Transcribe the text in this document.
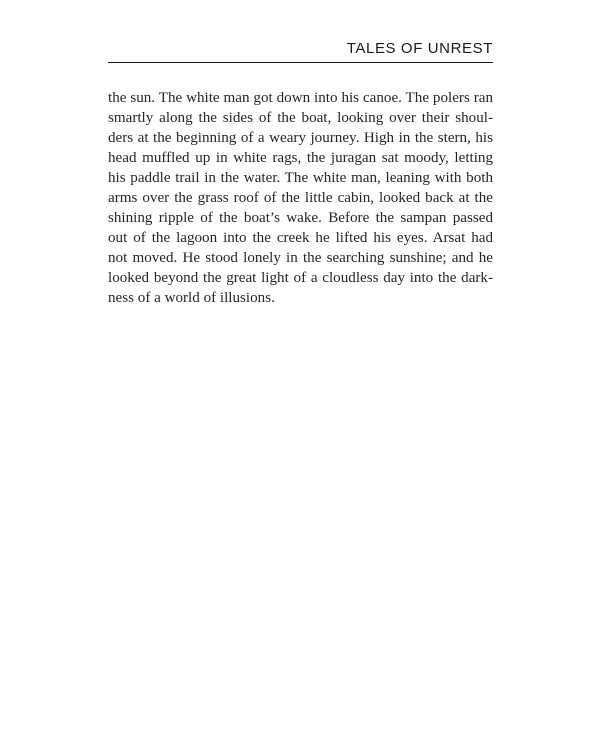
TALES OF UNREST
the sun. The white man got down into his canoe. The polers ran
smartly along the sides of the boat, looking over their shoul-
ders at the beginning of a weary journey. High in the stern, his
head muffled up in white rags, the juragan sat moody, letting
his paddle trail in the water. The white man, leaning with both
arms over the grass roof of the little cabin, looked back at the
shining ripple of the boat’s wake. Before the sampan passed
out of the lagoon into the creek he lifted his eyes. Arsat had
not moved. He stood lonely in the searching sunshine; and he
looked beyond the great light of a cloudless day into the dark-
ness of a world of illusions.
